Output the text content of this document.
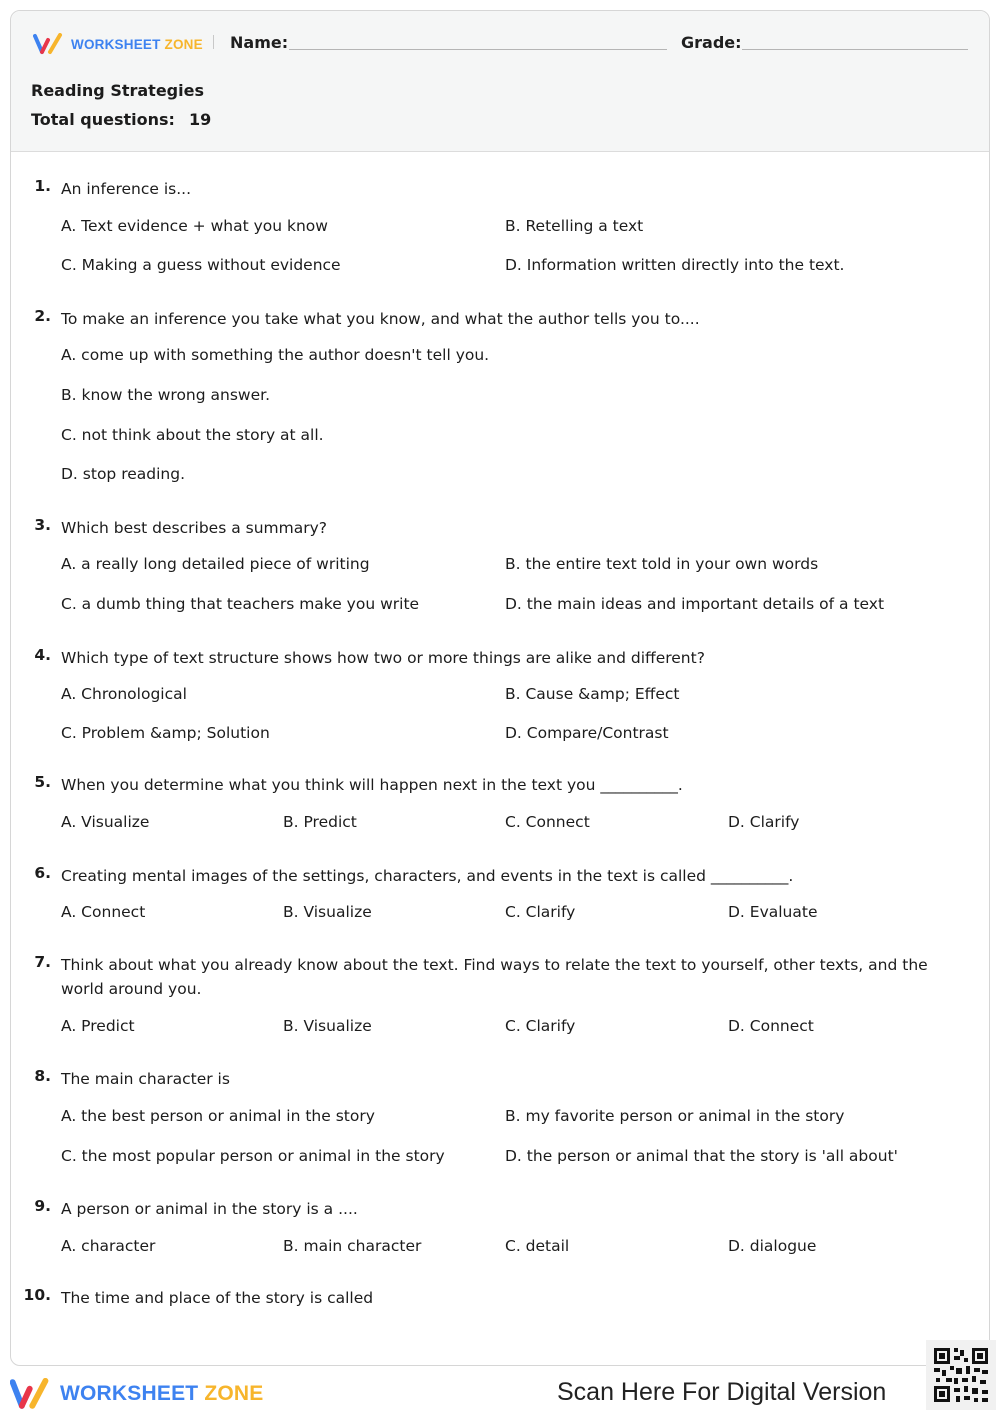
WORKSHEET ZONE Name:	Grade:
Reading Strategies
Total questions: 19
1. An inference is...
A. Text evidence + what you know	B. Retelling a text
C. Making a guess without evidence	D. Information written directly into the text.
2. To make an inference you take what you know, and what the author tells you to....
A. come up with something the author doesn't tell you.
B. know the wrong answer.
C. not think about the story at all.
D. stop reading.
3. Which best describes a summary?
A. a really long detailed piece of writing	B. the entire text told in your own words
C. a dumb thing that teachers make you write	D. the main ideas and important details of a text
4. Which type of text structure shows how two or more things are alike and different?
A. Chronological	B. Cause &amp; Effect
C. Problem &amp; Solution	D. Compare/Contrast
5. When you determine what you think will happen next in the text you __________.
A. Visualize	B. Predict	C. Connect	D. Clarify
6. Creating mental images of the settings, characters, and events in the text is called __________.
A. Connect	B. Visualize	C. Clarify	D. Evaluate
7. Think about what you already know about the text. Find ways to relate the text to yourself, other texts, and the world around you.
A. Predict	B. Visualize	C. Clarify	D. Connect
8. The main character is
A. the best person or animal in the story	B. my favorite person or animal in the story
C. the most popular person or animal in the story	D. the person or animal that the story is 'all about'
9. A person or animal in the story is a ....
A. character	B. main character	C. detail	D. dialogue
10. The time and place of the story is called
WORKSHEET ZONE	Scan Here For Digital Version
